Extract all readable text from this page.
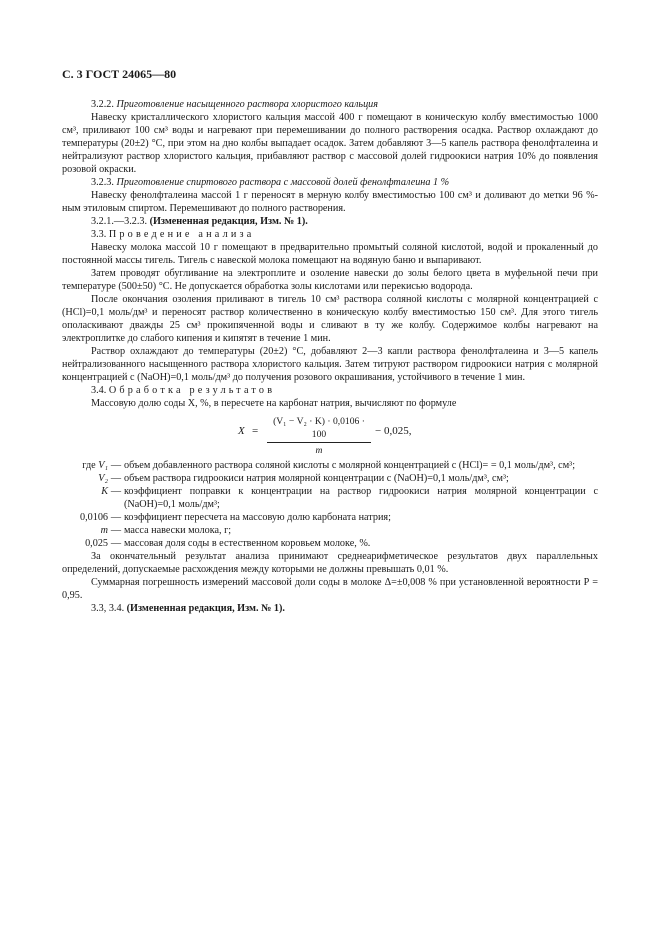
С. 3 ГОСТ 24065—80

3.2.2. Приготовление насыщенного раствора хлористого кальция

Навеску кристаллического хлористого кальция массой 400 г помещают в коническую колбу вместимостью 1000 см³, приливают 100 см³ воды и нагревают при перемешивании до полного растворения осадка. Раствор охлаждают до температуры (20±2) °С, при этом на дно колбы выпадает осадок. Затем добавляют 3—5 капель раствора фенолфталеина и нейтрализуют раствор хлористого кальция, прибавляют раствор с массовой долей гидроокиси натрия 10% до появления розовой окраски.

3.2.3. Приготовление спиртового раствора с массовой долей фенолфталеина 1 %

Навеску фенолфталеина массой 1 г переносят в мерную колбу вместимостью 100 см³ и доливают до метки 96 %-ным этиловым спиртом. Перемешивают до полного растворения.

3.2.1.—3.2.3. (Измененная редакция, Изм. № 1).

3.3. Проведение анализа

Навеску молока массой 10 г помещают в предварительно промытый соляной кислотой, водой и прокаленный до постоянной массы тигель. Тигель с навеской молока помещают на водяную баню и выпаривают.

Затем проводят обугливание на электроплите и озоление навески до золы белого цвета в муфельной печи при температуре (500±50) °С. Не допускается обработка золы кислотами или перекисью водорода.

После окончания озоления приливают в тигель 10 см³ раствора соляной кислоты с молярной концентрацией с (HCl)=0,1 моль/дм³ и переносят раствор количественно в коническую колбу вместимостью 150 см³. Для этого тигель ополаскивают дважды 25 см³ прокипяченной воды и сливают в ту же колбу. Содержимое колбы нагревают на электроплитке до слабого кипения и кипятят в течение 1 мин.

Раствор охлаждают до температуры (20±2) °С, добавляют 2—3 капли раствора фенолфталеина и 3—5 капель нейтрализованного насыщенного раствора хлористого кальция. Затем титруют раствором гидроокиси натрия с молярной концентрацией с (NaOH)=0,1 моль/дм³ до получения розового окрашивания, устойчивого в течение 1 мин.

3.4. Обработка результатов

Массовую долю соды X, %, в пересчете на карбонат натрия, вычисляют по формуле

$X = \frac{\text{(V₁ − V₂ · K) · 0,0106 · 100}}{m} - 0,025$,
где V₁ — объем добавленного раствора соляной кислоты с молярной концентрацией с (HCl)= = 0,1 моль/дм³, см³;
V₂ — объем раствора гидроокиси натрия молярной концентрации с (NaOH)=0,1 моль/дм³, см³;
K — коэффициент поправки к концентрации на раствор гидроокиси натрия молярной концентрации с (NaOH)=0,1 моль/дм³;
0,0106 — коэффициент пересчета на массовую долю карбоната натрия;
m — масса навески молока, г;
0,025 — массовая доля соды в естественном коровьем молоке, %.

За окончательный результат анализа принимают среднеарифметическое результатов двух параллельных определений, допускаемые расхождения между которыми не должны превышать 0,01 %.

Суммарная погрешность измерений массовой доли соды в молоке Δ=±0,008 % при установленной вероятности Р = 0,95.

3.3, 3.4. (Измененная редакция, Изм. № 1).
